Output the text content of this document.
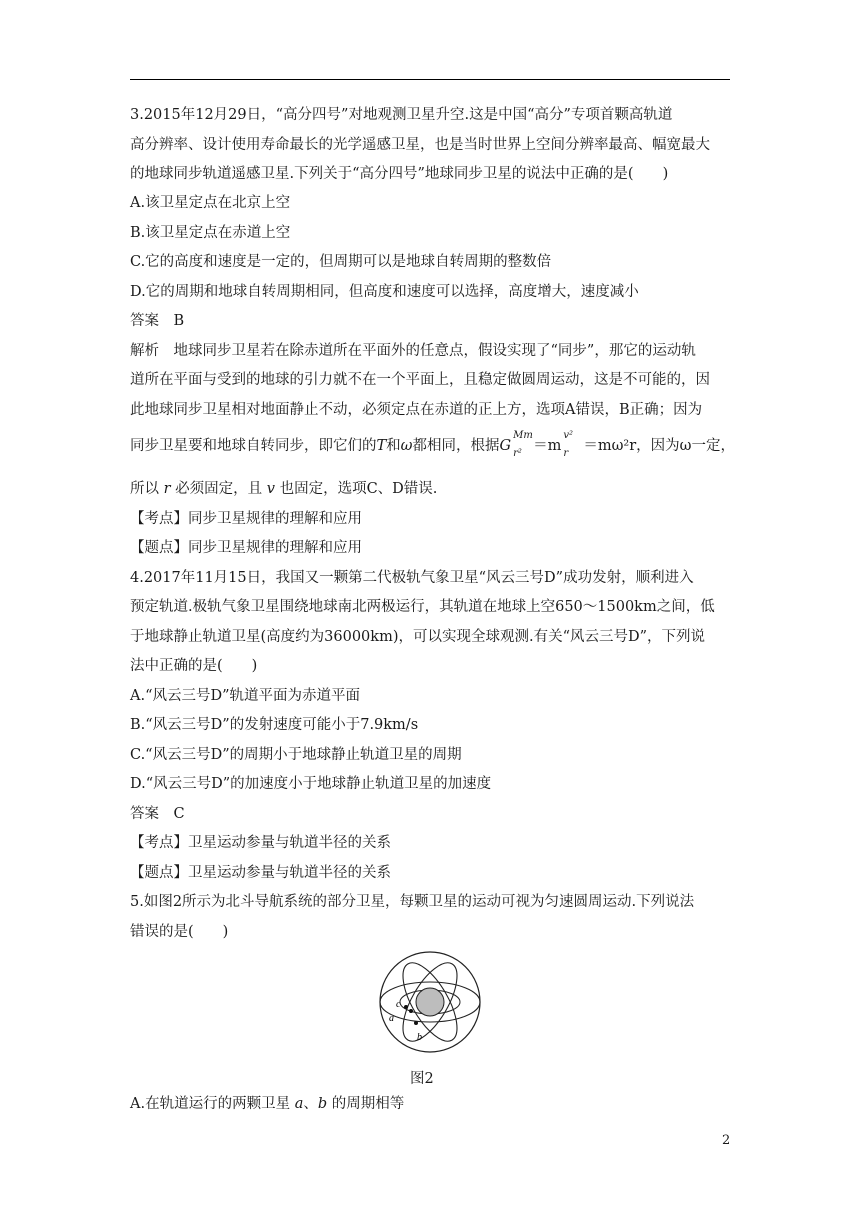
3.2015年12月29日，“高分四号”对地观测卫星升空.这是中国“高分”专项首颗高轨道
高分辨率、设计使用寿命最长的光学遥感卫星，也是当时世界上空间分辨率最高、幅宽最大
的地球同步轨道遥感卫星.下列关于“高分四号”地球同步卫星的说法中正确的是(　　)
A.该卫星定点在北京上空
B.该卫星定点在赤道上空
C.它的高度和速度是一定的，但周期可以是地球自转周期的整数倍
D.它的周期和地球自转周期相同，但高度和速度可以选择，高度增大，速度减小
答案　B
解析　地球同步卫星若在除赤道所在平面外的任意点，假设实现了“同步”，那它的运动轨
道所在平面与受到的地球的引力就不在一个平面上，且稳定做圆周运动，这是不可能的，因
此地球同步卫星相对地面静止不动，必须定点在赤道的正上方，选项A错误，B正确；因为
同步卫星要和地球自转同步，即它们的T和ω都相同，根据G
Mm
r² ＝m
v²
r ＝mω²r，因为ω一定，
所以 r 必须固定，且 v 也固定，选项C、D错误.
【考点】同步卫星规律的理解和应用
【题点】同步卫星规律的理解和应用
4.2017年11月15日，我国又一颗第二代极轨气象卫星“风云三号D”成功发射，顺利进入
预定轨道.极轨气象卫星围绕地球南北两极运行，其轨道在地球上空650～1500km之间，低
于地球静止轨道卫星(高度约为36000km)，可以实现全球观测.有关“风云三号D”，下列说
法中正确的是(　　)
A.“风云三号D”轨道平面为赤道平面
B.“风云三号D”的发射速度可能小于7.9km/s
C.“风云三号D”的周期小于地球静止轨道卫星的周期
D.“风云三号D”的加速度小于地球静止轨道卫星的加速度
答案　C
【考点】卫星运动参量与轨道半径的关系
【题点】卫星运动参量与轨道半径的关系
5.如图2所示为北斗导航系统的部分卫星，每颗卫星的运动可视为匀速圆周运动.下列说法
错误的是(　　)
c
a
b
图2
A.在轨道运行的两颗卫星 a、b 的周期相等
2
